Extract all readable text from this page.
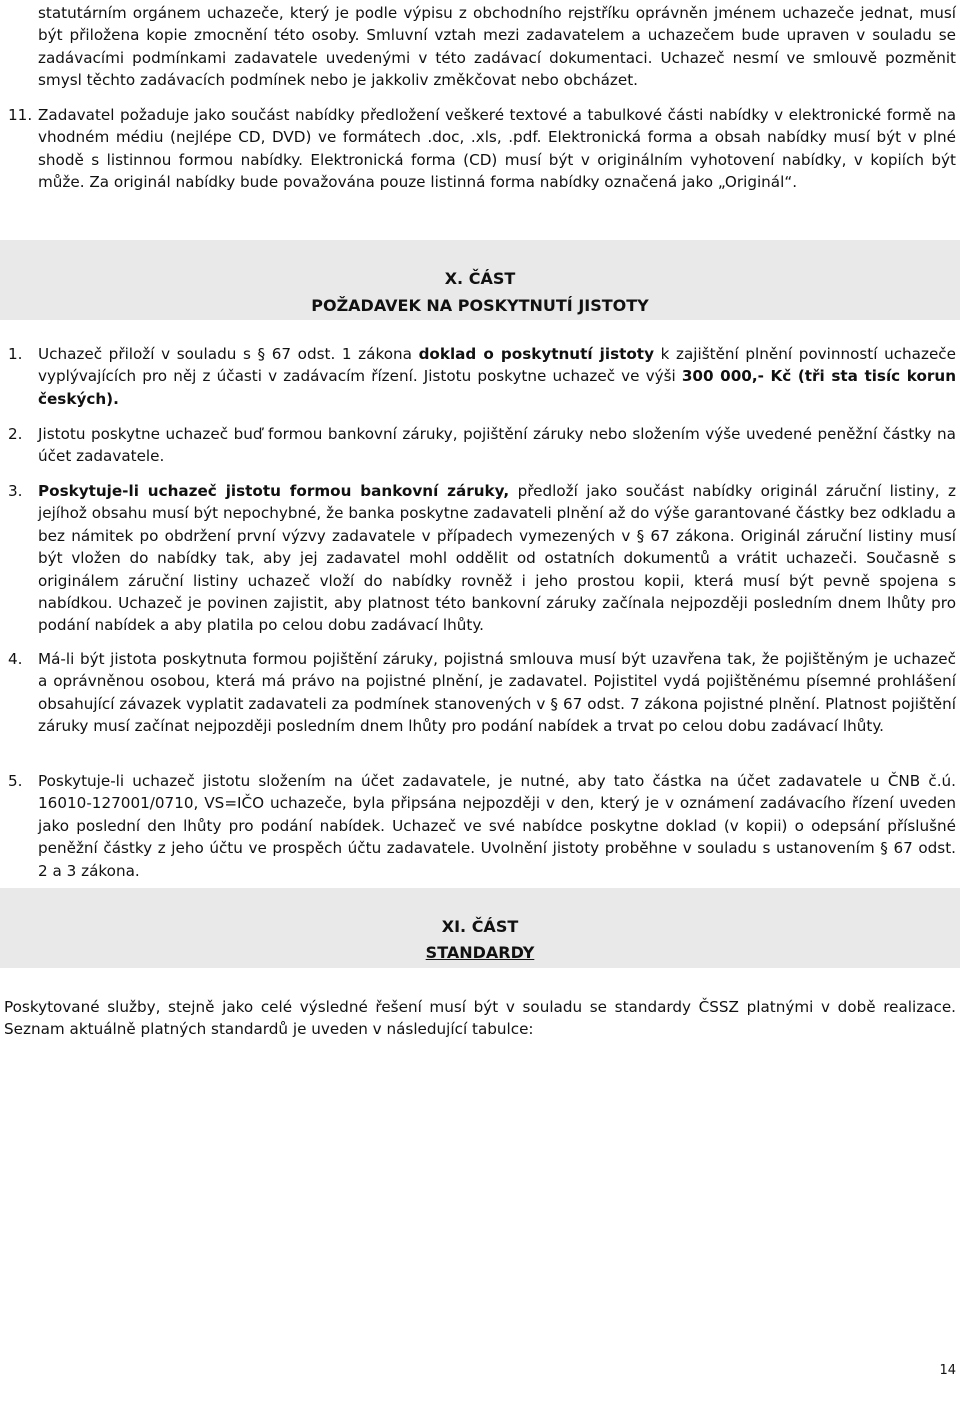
statutárním orgánem uchazeče, který je podle výpisu z obchodního rejstříku oprávněn jménem uchazeče jednat, musí být přiložena kopie zmocnění této osoby. Smluvní vztah mezi zadavatelem a uchazečem bude upraven v souladu se zadávacími podmínkami zadavatele uvedenými v této zadávací dokumentaci. Uchazeč nesmí ve smlouvě pozměnit smysl těchto zadávacích podmínek nebo je jakkoliv změkčovat nebo obcházet.
11. Zadavatel požaduje jako součást nabídky předložení veškeré textové a tabulkové části nabídky v elektronické formě na vhodném médiu (nejlépe CD, DVD) ve formátech .doc, .xls, .pdf. Elektronická forma a obsah nabídky musí být v plné shodě s listinnou formou nabídky. Elektronická forma (CD) musí být v originálním vyhotovení nabídky, v kopiích být může. Za originál nabídky bude považována pouze listinná forma nabídky označená jako „Originál“.
X. ČÁST
POŽADAVEK NA POSKYTNUTÍ JISTOTY
1. Uchazeč přiloží v souladu s § 67 odst. 1 zákona doklad o poskytnutí jistoty k zajištění plnění povinností uchazeče vyplývajících pro něj z účasti v zadávacím řízení. Jistotu poskytne uchazeč ve výši 300 000,- Kč (tři sta tisíc korun českých).
2. Jistotu poskytne uchazeč buď formou bankovní záruky, pojištění záruky nebo složením výše uvedené peněžní částky na účet zadavatele.
3. Poskytuje-li uchazeč jistotu formou bankovní záruky, předloží jako součást nabídky originál záruční listiny, z jejíhož obsahu musí být nepochybné, že banka poskytne zadavateli plnění až do výše garantované částky bez odkladu a bez námitek po obdržení první výzvy zadavatele v případech vymezených v § 67 zákona. Originál záruční listiny musí být vložen do nabídky tak, aby jej zadavatel mohl oddělit od ostatních dokumentů a vrátit uchazeči. Současně s originálem záruční listiny uchazeč vloží do nabídky rovněž i jeho prostou kopii, která musí být pevně spojena s nabídkou. Uchazeč je povinen zajistit, aby platnost této bankovní záruky začínala nejpozději posledním dnem lhůty pro podání nabídek a aby platila po celou dobu zadávací lhůty.
4. Má-li být jistota poskytnuta formou pojištění záruky, pojistná smlouva musí být uzavřena tak, že pojištěným je uchazeč a oprávněnou osobou, která má právo na pojistné plnění, je zadavatel. Pojistitel vydá pojištěnému písemné prohlášení obsahující závazek vyplatit zadavateli za podmínek stanovených v § 67 odst. 7 zákona pojistné plnění. Platnost pojištění záruky musí začínat nejpozději posledním dnem lhůty pro podání nabídek a trvat po celou dobu zadávací lhůty.
5. Poskytuje-li uchazeč jistotu složením na účet zadavatele, je nutné, aby tato částka na účet zadavatele u ČNB č.ú. 16010-127001/0710, VS=IČO uchazeče, byla připsána nejpozději v den, který je v oznámení zadávacího řízení uveden jako poslední den lhůty pro podání nabídek. Uchazeč ve své nabídce poskytne doklad (v kopii) o odepsání příslušné peněžní částky z jeho účtu ve prospěch účtu zadavatele. Uvolnění jistoty proběhne v souladu s ustanovením § 67 odst. 2 a 3 zákona.
XI. ČÁST
STANDARDY
Poskytované služby, stejně jako celé výsledné řešení musí být v souladu se standardy ČSSZ platnými v době realizace. Seznam aktuálně platných standardů je uveden v následující tabulce:
14
